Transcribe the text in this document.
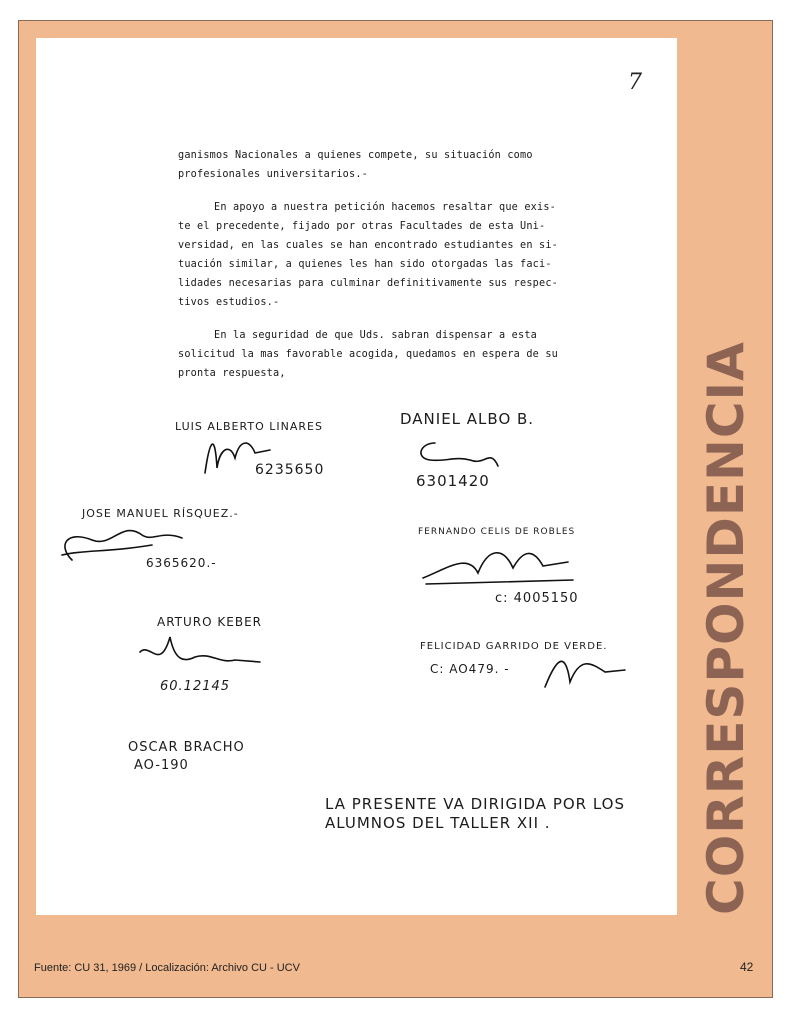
7

ganismos Nacionales a quienes compete, su situación como
profesionales universitarios.-

En apoyo a nuestra petición hacemos resaltar que exis-
te el precedente, fijado por otras Facultades de esta Uni-
versidad, en las cuales se han encontrado estudiantes en si-
tuación similar, a quienes les han sido otorgadas las faci-
lidades necesarias para culminar definitivamente sus respec-
tivos estudios.-

En la seguridad de que Uds. sabran dispensar a esta
solicitud la mas favorable acogida, quedamos en espera de su
pronta respuesta,

LUIS ALBERTO LINARES
6235650
DANIEL ALBO B.
6301420
JOSE MANUEL RÍSQUEZ.-
6365620.-
FERNANDO CELIS DE ROBLES
c: 4005150
ARTURO KEBER
60.12145
FELICIDAD GARRIDO DE VERDE.
C: AO479. -
OSCAR BRACHO
AO-190
LA PRESENTE VA DIRIGIDA POR LOS
ALUMNOS DEL TALLER XII .	CORRESPONDENCIA
Fuente: CU 31, 1969 / Localización: Archivo CU - UCV	42
